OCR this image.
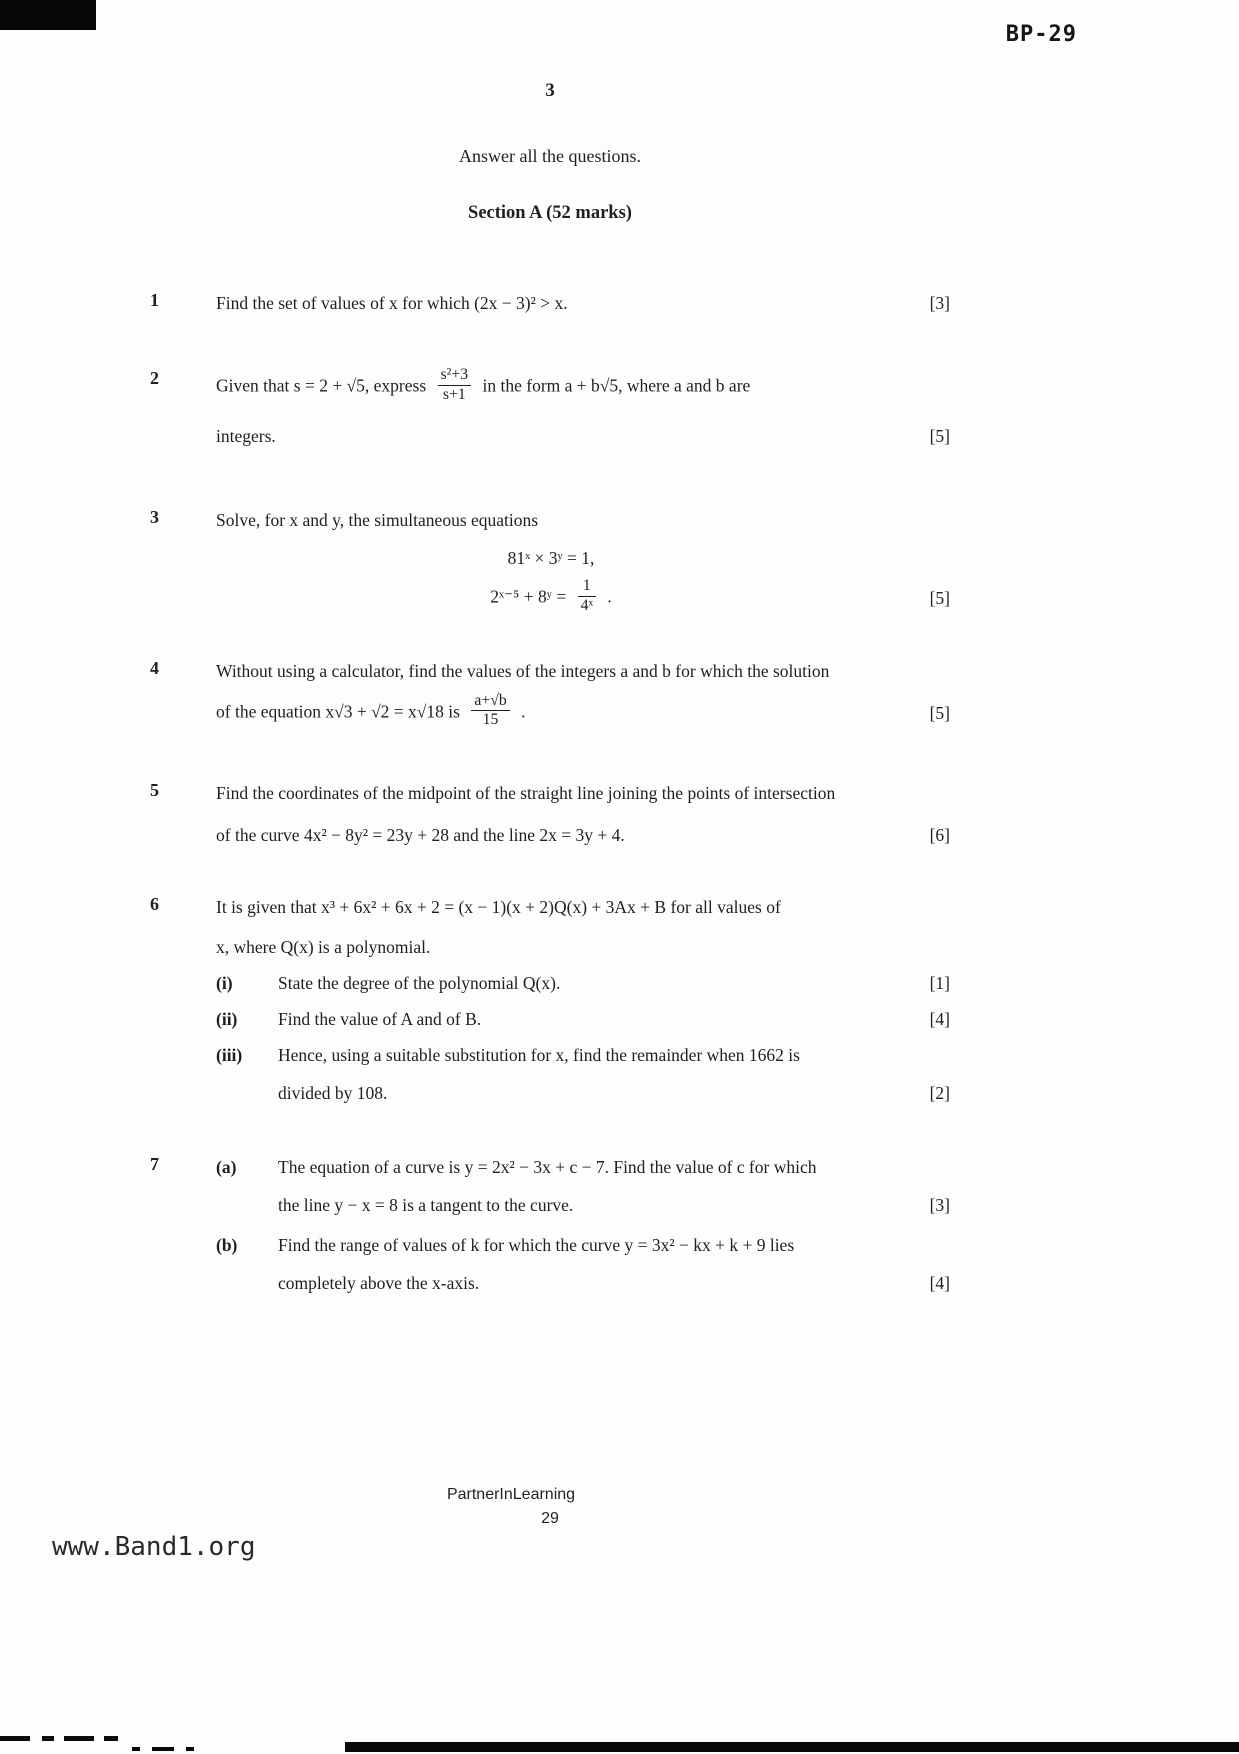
BP-29
3
Answer all the questions.
Section A (52 marks)
1	Find the set of values of x for which (2x − 3)² > x.	[3]
2	Given that s = 2 + √5, express $\frac{\text{s²+3}}{s+1}$ in the form a + b√5, where a and b are
integers.	[5]
3	Solve, for x and y, the simultaneous equations
81ˣ × 3ʸ = 1,
2ˣ⁻⁵ + 8ʸ = $\frac{1}{\text{4ˣ}}$ .	[5]
4	Without using a calculator, find the values of the integers a and b for which the solution
of the equation x√3 + √2 = x√18 is $\frac{a+√b}{15}$ .	[5]
5	Find the coordinates of the midpoint of the straight line joining the points of intersection
of the curve 4x² − 8y² = 23y + 28 and the line 2x = 3y + 4.	[6]
6	It is given that x³ + 6x² + 6x + 2 = (x − 1)(x + 2)Q(x) + 3Ax + B for all values of
x, where Q(x) is a polynomial.
(i)	State the degree of the polynomial Q(x).	[1]
(ii)	Find the value of A and of B.	[4]
(iii)	Hence, using a suitable substitution for x, find the remainder when 1662 is
divided by 108.	[2]
7	(a)	The equation of a curve is y = 2x² − 3x + c − 7. Find the value of c for which
the line y − x = 8 is a tangent to the curve.	[3]
(b)	Find the range of values of k for which the curve y = 3x² − kx + k + 9 lies
completely above the x-axis.	[4]
PartnerInLearning
29
www.Band1.org
